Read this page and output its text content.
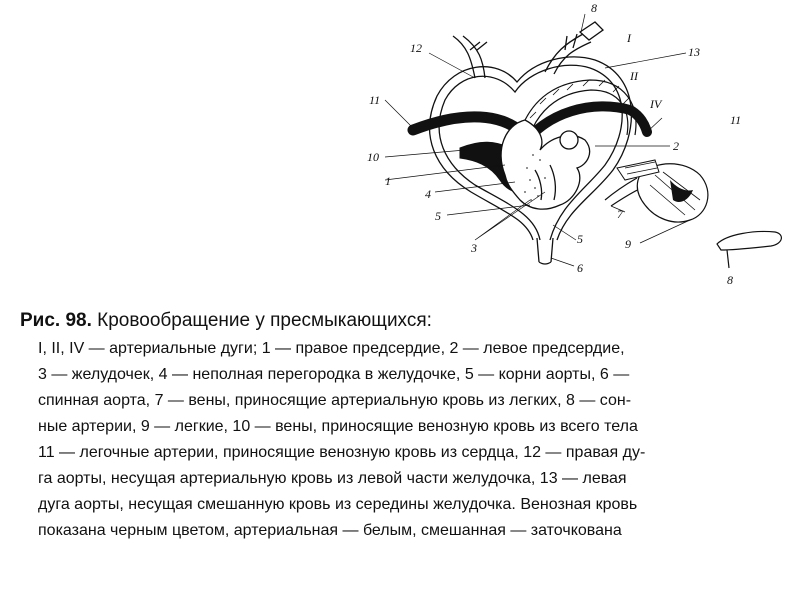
8
I
12	13
II
11	IV
11
2
10
1
4
5	7
3
5	9
6
8
Рис. 98. Кровообращение у пресмыкающихся:
I, II, IV — артериальные дуги; 1 — правое предсердие, 2 — левое предсердие,
3 — желудочек, 4 — неполная перегородка в желудочке, 5 — корни аорты, 6 —
спинная аорта, 7 — вены, приносящие артериальную кровь из легких, 8 — сон-
ные артерии, 9 — легкие, 10 — вены, приносящие венозную кровь из всего тела
11 — легочные артерии, приносящие венозную кровь из сердца, 12 — правая ду-
га аорты, несущая артериальную кровь из левой части желудочка, 13 — левая
дуга аорты, несущая смешанную кровь из середины желудочка. Венозная кровь
показана черным цветом, артериальная — белым, смешанная — заточкована
